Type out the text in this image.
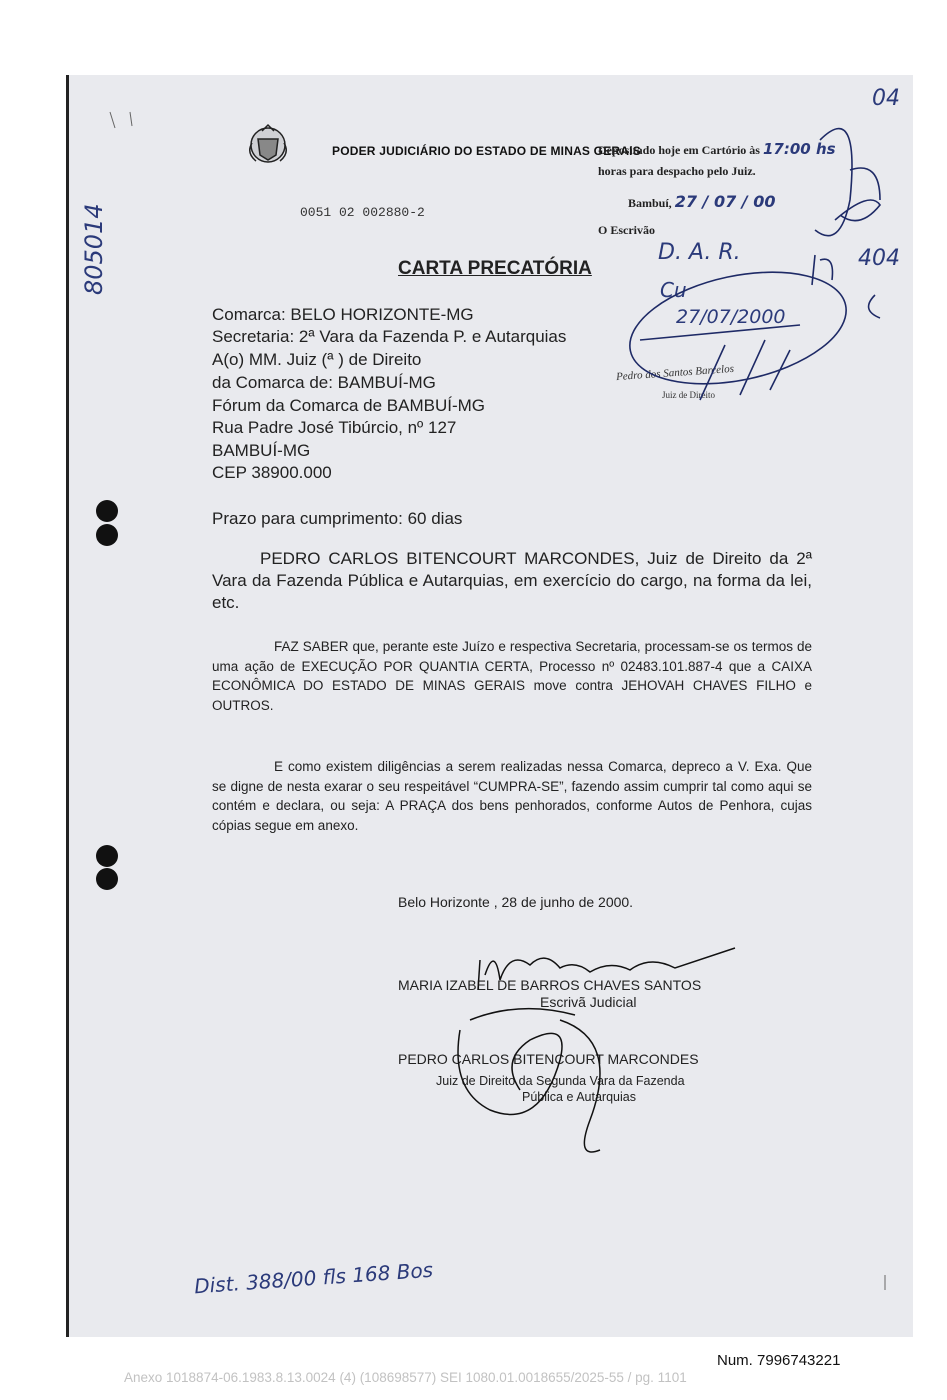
PODER JUDICIÁRIO DO ESTADO DE MINAS GERAIS
Depositado hoje em Cartório às 17:00 hs
horas para despacho pelo Juiz.
Bambuí, 27 / 07 / 00
O Escrivão
0051 02 002880-2
CARTA PRECATÓRIA
Comarca: BELO HORIZONTE-MG
Secretaria: 2ª Vara da Fazenda P. e Autarquias
A(o) MM. Juiz (ª ) de Direito
da Comarca de: BAMBUÍ-MG
Fórum da Comarca de BAMBUÍ-MG
Rua Padre José Tibúrcio, nº 127
BAMBUÍ-MG
CEP 38900.000
Prazo para cumprimento: 60 dias
PEDRO CARLOS BITENCOURT MARCONDES, Juiz de Direito da 2ª Vara da Fazenda Pública e Autarquias, em exercício do cargo, na forma da lei, etc.
FAZ SABER que, perante este Juízo e respectiva Secretaria, processam-se os termos de uma ação de EXECUÇÃO POR QUANTIA CERTA, Processo nº 02483.101.887-4 que a CAIXA ECONÔMICA DO ESTADO DE MINAS GERAIS move contra JEHOVAH CHAVES FILHO e OUTROS.
E como existem diligências a serem realizadas nessa Comarca, depreco a V. Exa. Que se digne de nesta exarar o seu respeitável “CUMPRA-SE”, fazendo assim cumprir tal como aqui se contém e declara, ou seja: A PRAÇA dos bens penhorados, conforme Autos de Penhora, cujas cópias segue em anexo.
Belo Horizonte , 28 de junho de 2000.
MARIA IZABEL DE BARROS CHAVES SANTOS
Escrivã Judicial
PEDRO CARLOS BITENCOURT MARCONDES
Juiz de Direito da Segunda Vara da Fazenda
Pública e Autarquias
Pedro dos Santos Barcelos
Juiz de Direito
805014
04
D. A. R.
Cu
27/07/2000
404
Dist. 388/00 fls 168 Bos
Num. 7996743221
Anexo 1018874-06.1983.8.13.0024 (4) (108698577) SEI 1080.01.0018655/2025-55 / pg. 1101
